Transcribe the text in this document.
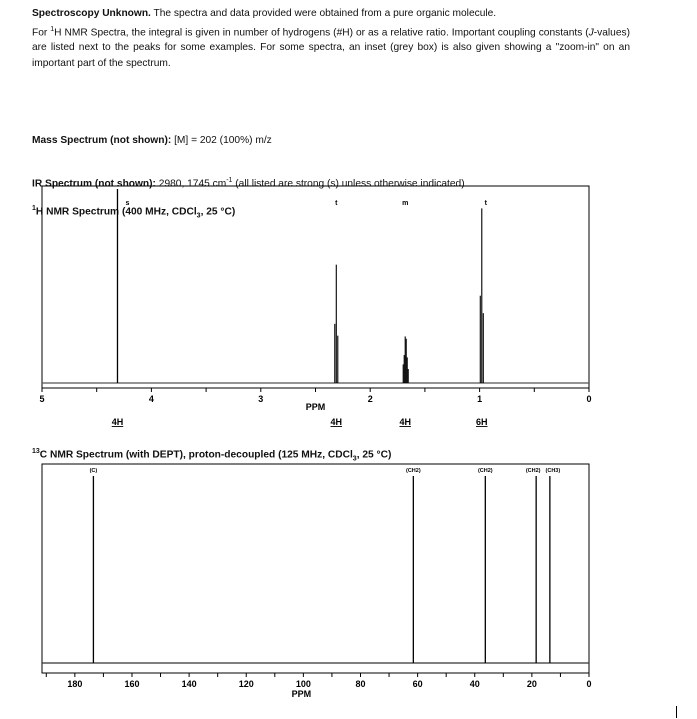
Spectroscopy Unknown. The spectra and data provided were obtained from a pure organic molecule.
For $^1$H NMR Spectra, the integral is given in number of hydrogens (#H) or as a relative ratio. Important coupling constants (J-values) are listed next to the peaks for some examples. For some spectra, an inset (grey box) is also given showing a "zoom-in" on an important part of the spectrum.
Mass Spectrum (not shown): [M] = 202 (100%) m/z
IR Spectrum (not shown): 2980, 1745 $cm^{-1}$ (all listed are strong (s) unless otherwise indicated)
$^1$H NMR Spectrum (400 MHz, CDCl$_3$, 25 °C)
$^{13}$C NMR Spectrum (with DEPT), proton-decoupled (125 MHz, CDCl$_3$, 25 °C)
5	4	3	2	1	0
PPM
s
4H
t
4H
m
4H
t
6H
180	160	140	120	100	80	60	40	20	0
PPM
(C)	(CH2)	(CH2)	(CH2) (CH3)
